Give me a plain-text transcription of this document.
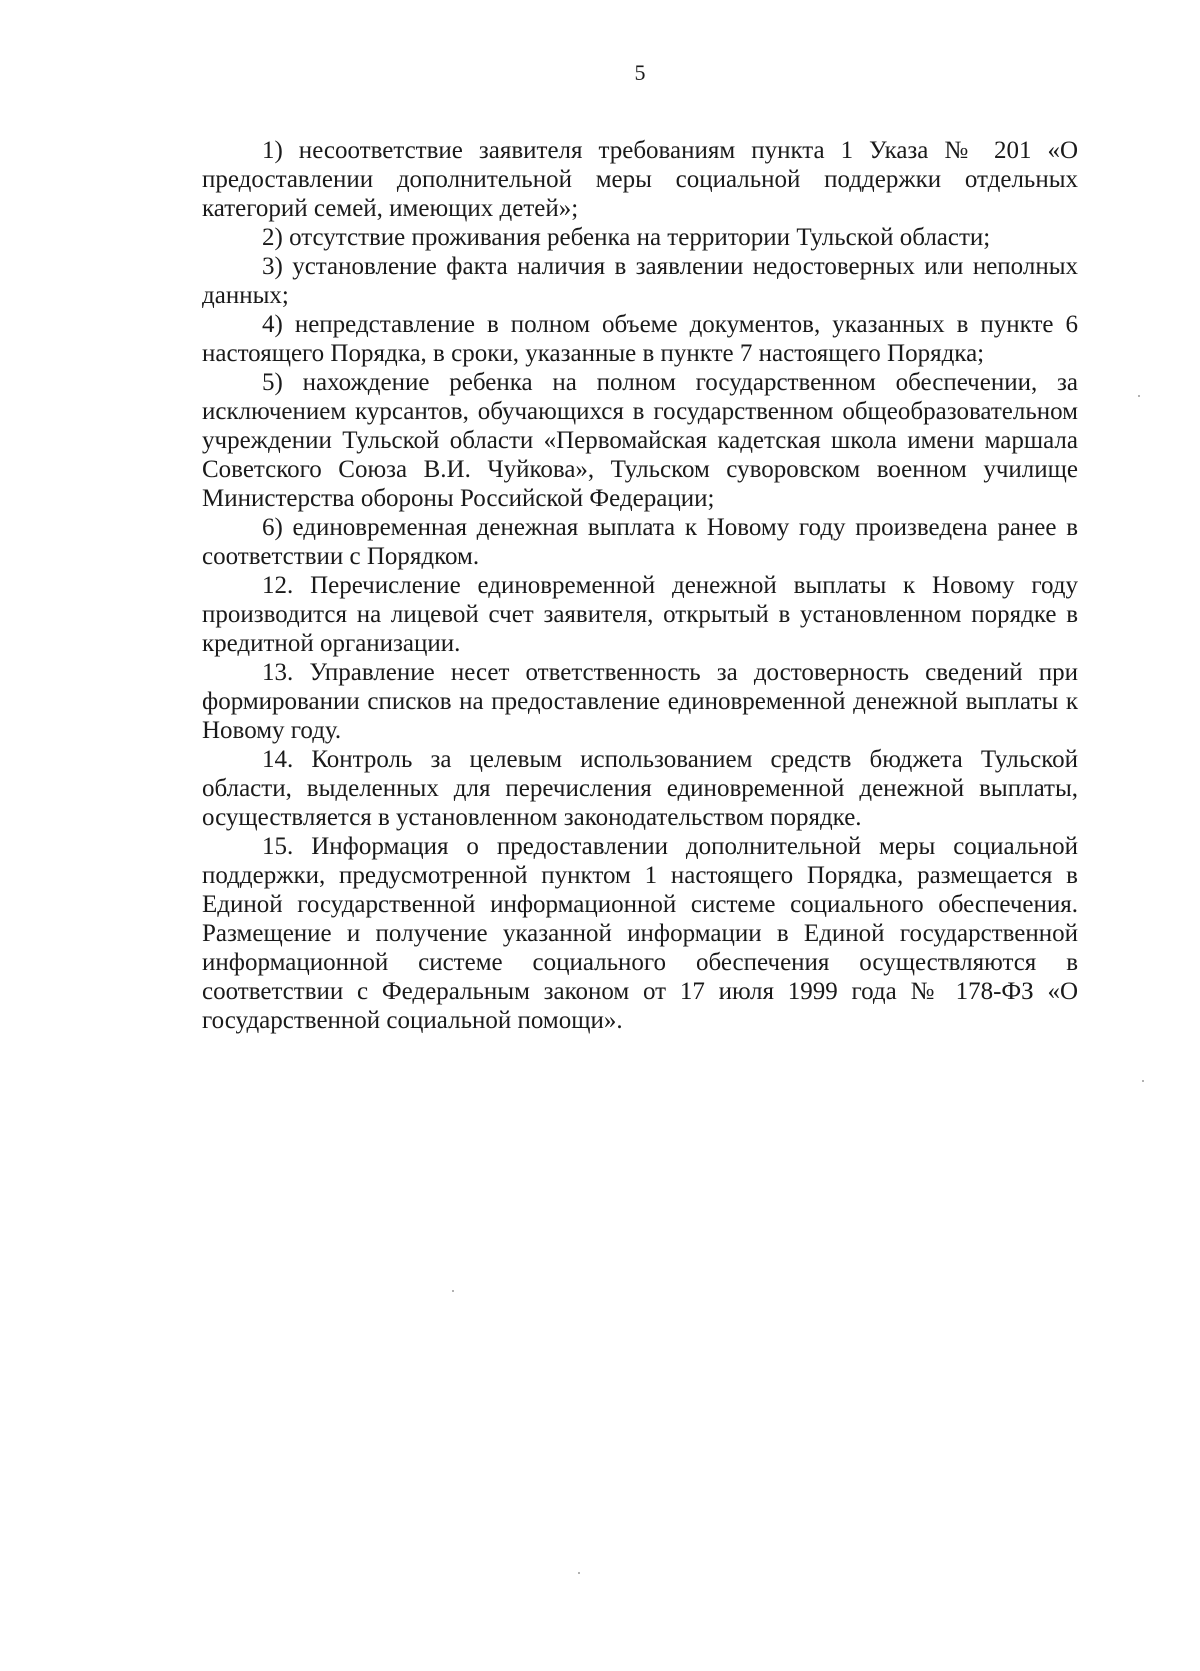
5

1) несоответствие заявителя требованиям пункта 1 Указа № 201 «О предоставлении дополнительной меры социальной поддержки отдельных категорий семей, имеющих детей»;

2) отсутствие проживания ребенка на территории Тульской области;

3) установление факта наличия в заявлении недостоверных или неполных данных;

4) непредставление в полном объеме документов, указанных в пункте 6 настоящего Порядка, в сроки, указанные в пункте 7 настоящего Порядка;

5) нахождение ребенка на полном государственном обеспечении, за исключением курсантов, обучающихся в государственном общеобразовательном учреждении Тульской области «Первомайская кадетская школа имени маршала Советского Союза В.И. Чуйкова», Тульском суворовском военном училище Министерства обороны Российской Федерации;

6) единовременная денежная выплата к Новому году произведена ранее в соответствии с Порядком.

12. Перечисление единовременной денежной выплаты к Новому году производится на лицевой счет заявителя, открытый в установленном порядке в кредитной организации.

13. Управление несет ответственность за достоверность сведений при формировании списков на предоставление единовременной денежной выплаты к Новому году.

14. Контроль за целевым использованием средств бюджета Тульской области, выделенных для перечисления единовременной денежной выплаты, осуществляется в установленном законодательством порядке.

15. Информация о предоставлении дополнительной меры социальной поддержки, предусмотренной пунктом 1 настоящего Порядка, размещается в Единой государственной информационной системе социального обеспечения. Размещение и получение указанной информации в Единой государственной информационной системе социального обеспечения осуществляются в соответствии с Федеральным законом от 17 июля 1999 года № 178-ФЗ «О государственной социальной помощи».
